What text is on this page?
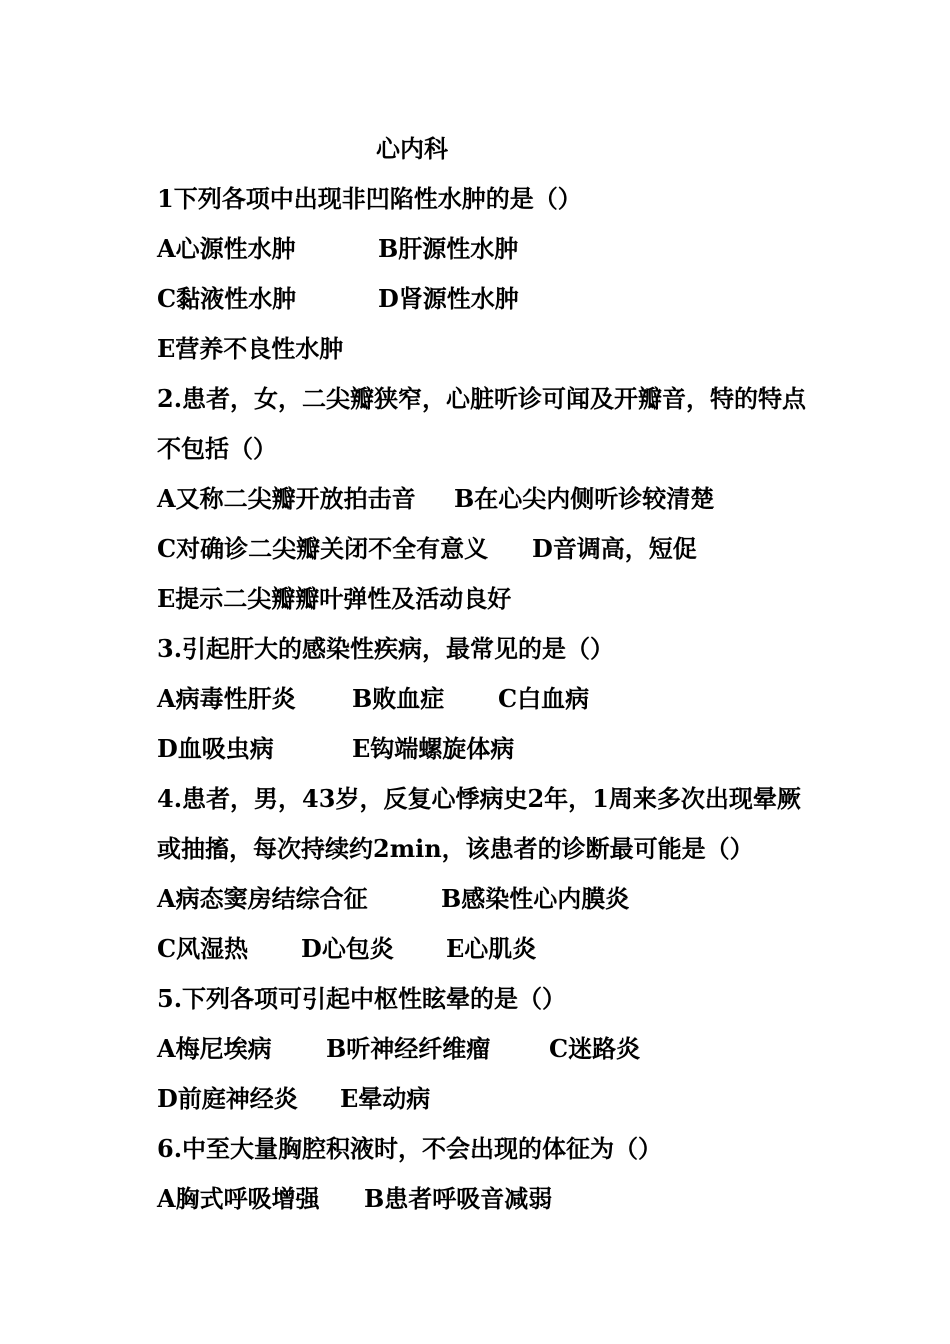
心内科
1下列各项中出现非凹陷性水肿的是（）
A心源性水肿	B肝源性水肿
C黏液性水肿	D肾源性水肿
E营养不良性水肿
2.患者，女，二尖瓣狭窄，心脏听诊可闻及开瓣音，特的特点
不包括（）
A又称二尖瓣开放拍击音 B在心尖内侧听诊较清楚
C对确诊二尖瓣关闭不全有意义 D音调高，短促
E提示二尖瓣瓣叶弹性及活动良好
3.引起肝大的感染性疾病，最常见的是（）
A病毒性肝炎 B败血症 C白血病
D血吸虫病	E钩端螺旋体病
4.患者，男，43岁，反复心悸病史2年，1周来多次出现晕厥
或抽搐，每次持续约2min，该患者的诊断最可能是（）
A病态窦房结综合征	B感染性心内膜炎
C风湿热 D心包炎 E心肌炎
5.下列各项可引起中枢性眩晕的是（）
A梅尼埃病 B听神经纤维瘤 C迷路炎
D前庭神经炎 E晕动病
6.中至大量胸腔积液时，不会出现的体征为（）
A胸式呼吸增强 B患者呼吸音减弱
